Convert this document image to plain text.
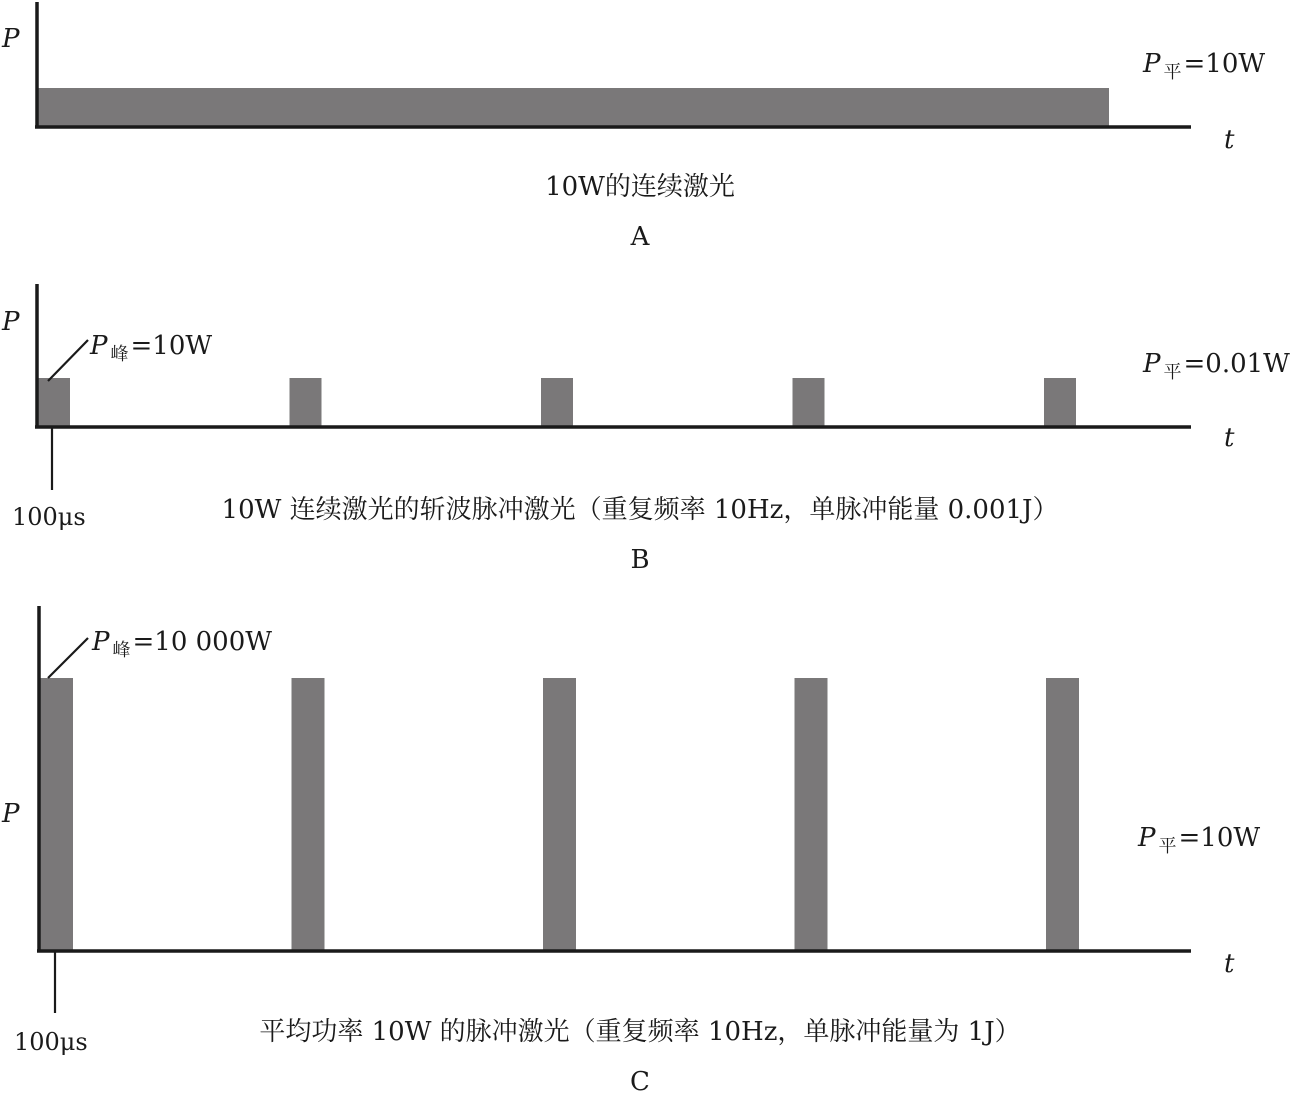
P
t
P $_平$=10W
10W的连续激光
A
P
t
P $_峰$=10W
P $_平$=0.01W
100μs	10W 连续激光的斩波脉冲激光（重复频率 10Hz，单脉冲能量 0.001J）
B
P
t
P $_峰$=10 000W
P $_平$=10W
100μs	平均功率 10W 的脉冲激光（重复频率 10Hz，单脉冲能量为 1J）
C
